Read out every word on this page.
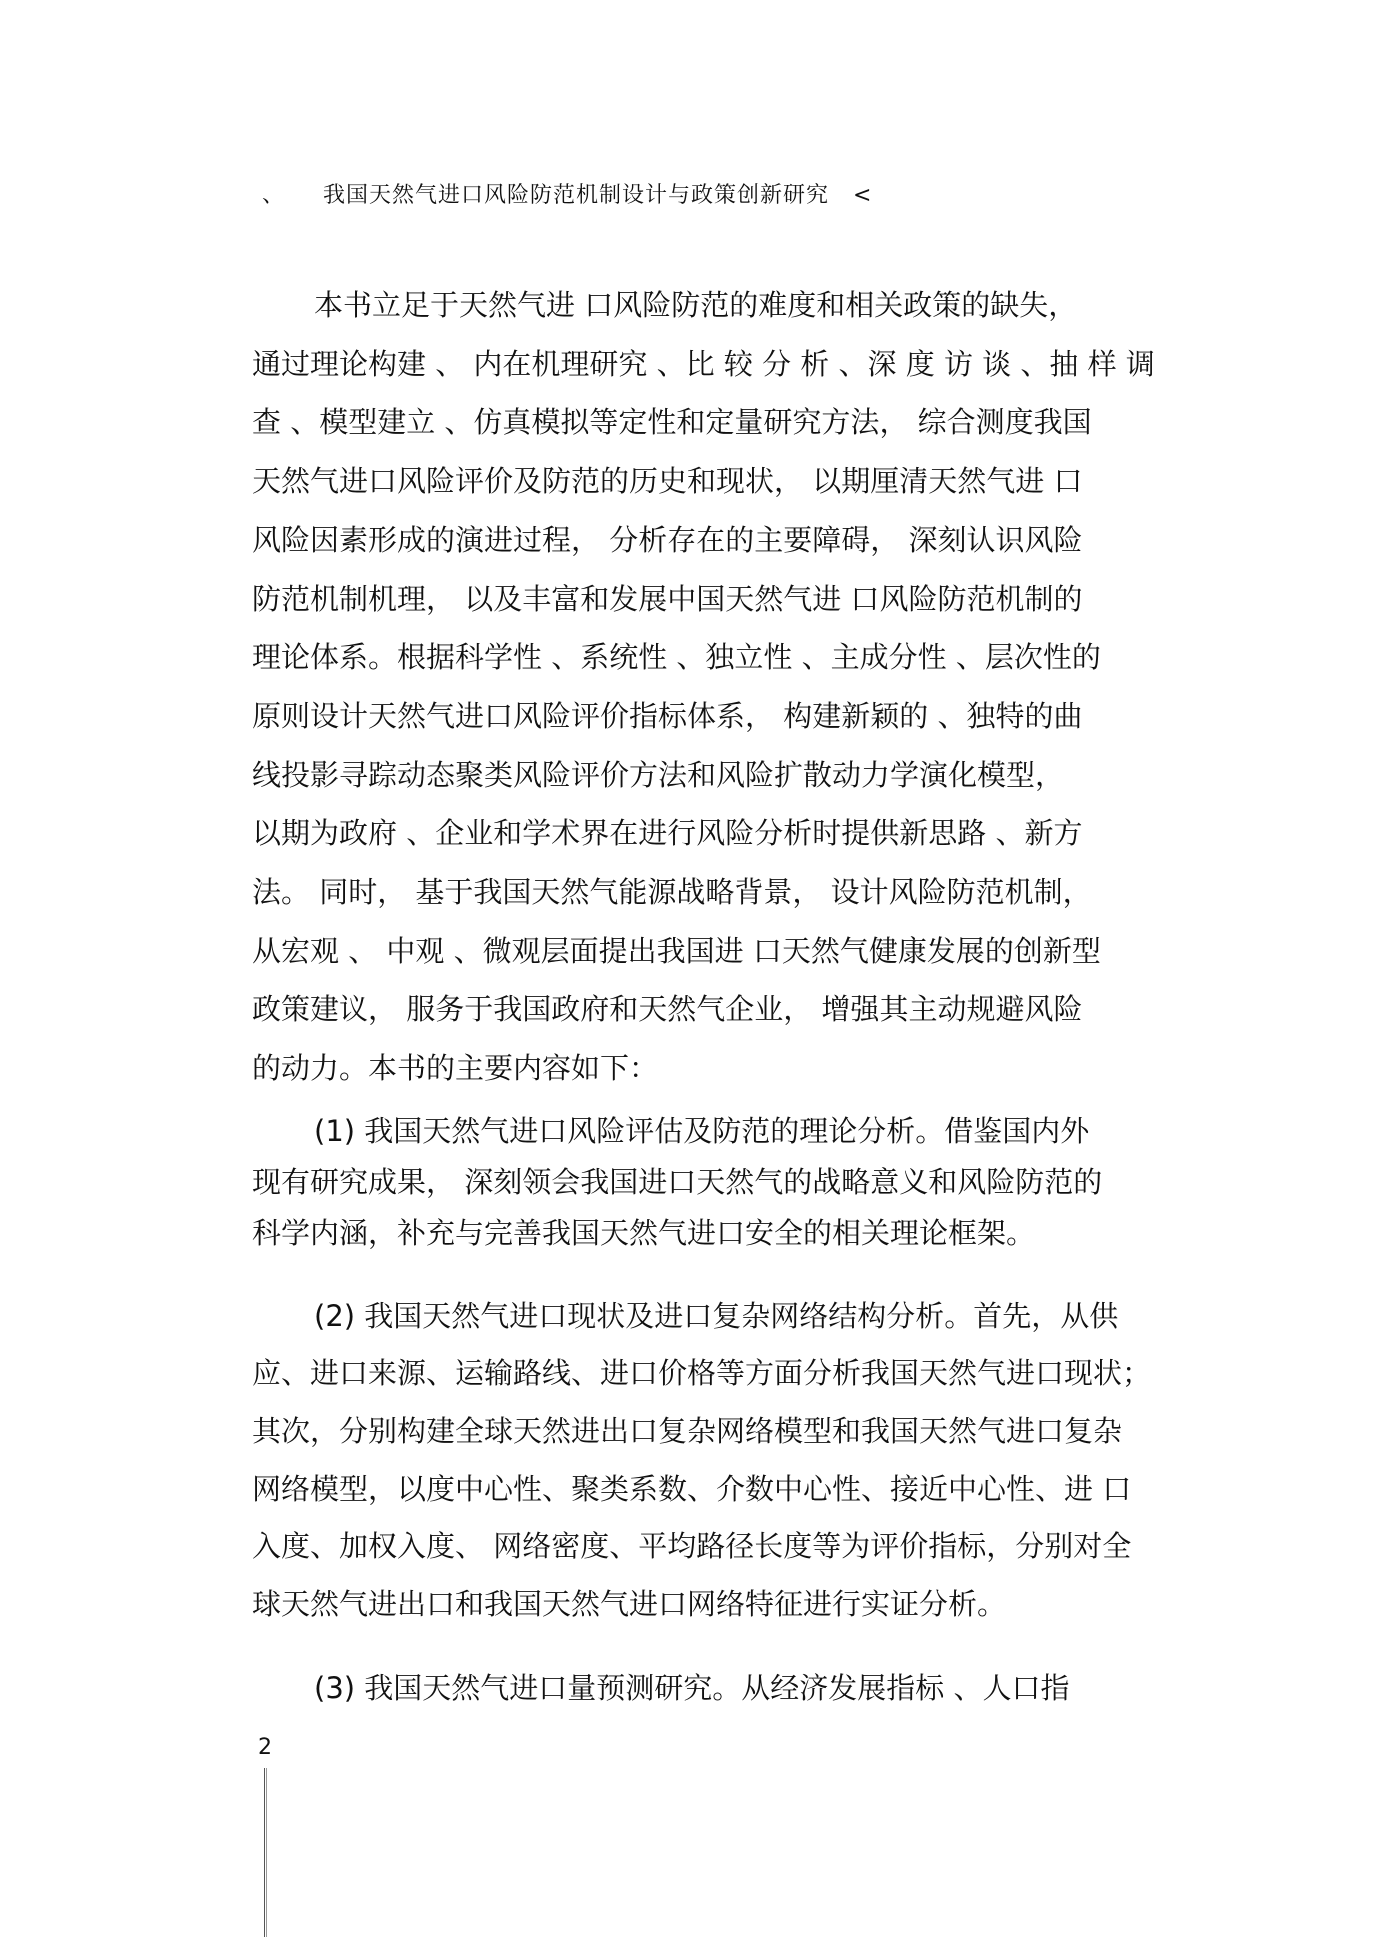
、 我国天然气进口风险防范机制设计与政策创新研究 <
本书立足于天然气进 口风险防范的难度和相关政策的缺失，
通过理论构建 、 内在机理研究 、比 较 分 析 、深 度 访 谈 、抽 样 调
查 、模型建立 、仿真模拟等定性和定量研究方法， 综合测度我国
天然气进口风险评价及防范的历史和现状， 以期厘清天然气进 口
风险因素形成的演进过程， 分析存在的主要障碍， 深刻认识风险
防范机制机理， 以及丰富和发展中国天然气进 口风险防范机制的
理论体系。根据科学性 、系统性 、独立性 、主成分性 、层次性的
原则设计天然气进口风险评价指标体系， 构建新颖的 、独特的曲
线投影寻踪动态聚类风险评价方法和风险扩散动力学演化模型，
以期为政府 、企业和学术界在进行风险分析时提供新思路 、新方
法。 同时， 基于我国天然气能源战略背景， 设计风险防范机制，
从宏观 、 中观 、微观层面提出我国进 口天然气健康发展的创新型
政策建议， 服务于我国政府和天然气企业， 增强其主动规避风险
的动力。本书的主要内容如下：
(1) 我国天然气进口风险评估及防范的理论分析。借鉴国内外
现有研究成果， 深刻领会我国进口天然气的战略意义和风险防范的
科学内涵，补充与完善我国天然气进口安全的相关理论框架。
(2) 我国天然气进口现状及进口复杂网络结构分析。首先，从供
应、进口来源、运输路线、进口价格等方面分析我国天然气进口现状；
其次，分别构建全球天然进出口复杂网络模型和我国天然气进口复杂
网络模型，以度中心性、聚类系数、介数中心性、接近中心性、进 口
入度、加权入度、 网络密度、平均路径长度等为评价指标，分别对全
球天然气进出口和我国天然气进口网络特征进行实证分析。
(3) 我国天然气进口量预测研究。从经济发展指标 、人口指
2
